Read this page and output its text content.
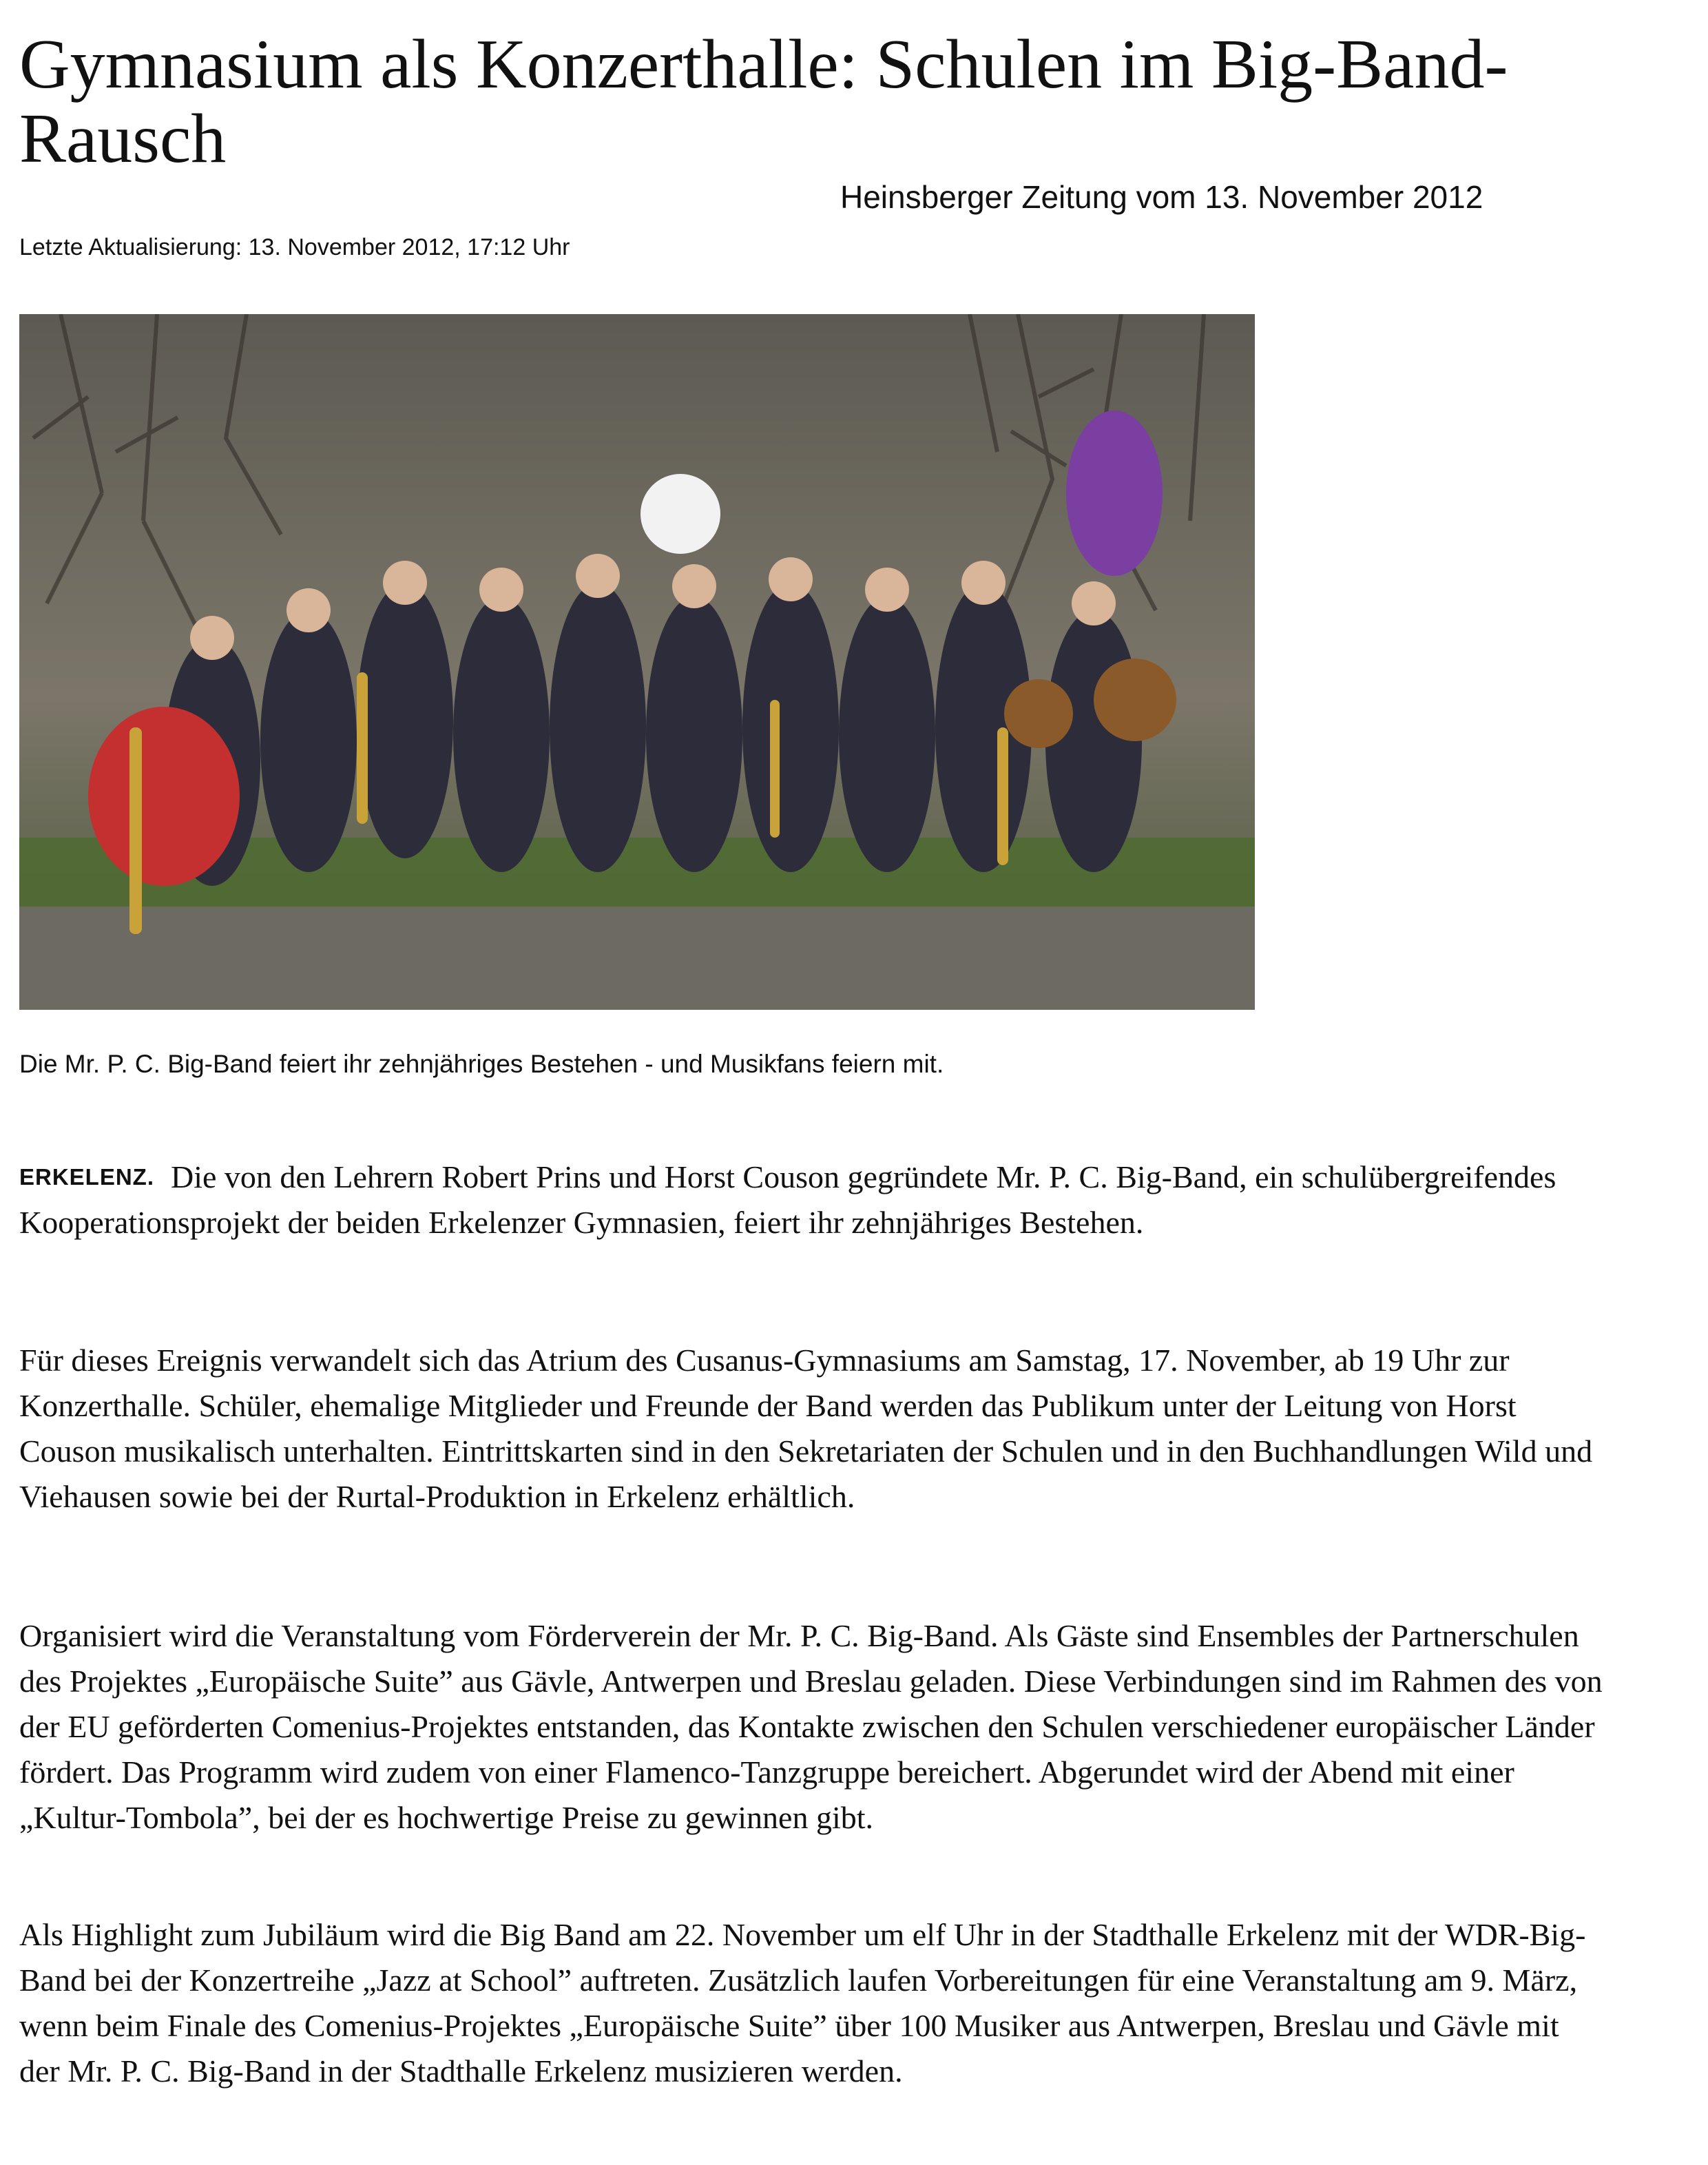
Gymnasium als Konzerthalle: Schulen im Big-Band-Rausch
Heinsberger Zeitung vom 13. November 2012
Letzte Aktualisierung: 13. November 2012, 17:12 Uhr
Die Mr. P. C. Big-Band feiert ihr zehnjähriges Bestehen - und Musikfans feiern mit.

ERKELENZ. Die von den Lehrern Robert Prins und Horst Couson gegründete Mr. P. C. Big-Band, ein schulübergreifendes Kooperationsprojekt der beiden Erkelenzer Gymnasien, feiert ihr zehnjähriges Bestehen.

Für dieses Ereignis verwandelt sich das Atrium des Cusanus-Gymnasiums am Samstag, 17. November, ab 19 Uhr zur Konzerthalle. Schüler, ehemalige Mitglieder und Freunde der Band werden das Publikum unter der Leitung von Horst Couson musikalisch unterhalten. Eintrittskarten sind in den Sekretariaten der Schulen und in den Buchhandlungen Wild und Viehausen sowie bei der Rurtal-Produktion in Erkelenz erhältlich.

Organisiert wird die Veranstaltung vom Förderverein der Mr. P. C. Big-Band. Als Gäste sind Ensembles der Partnerschulen des Projektes „Europäische Suite” aus Gävle, Antwerpen und Breslau geladen. Diese Verbindungen sind im Rahmen des von der EU geförderten Comenius-Projektes entstanden, das Kontakte zwischen den Schulen verschiedener europäischer Länder fördert. Das Programm wird zudem von einer Flamenco-Tanzgruppe bereichert. Abgerundet wird der Abend mit einer „Kultur-Tombola”, bei der es hochwertige Preise zu gewinnen gibt.

Als Highlight zum Jubiläum wird die Big Band am 22. November um elf Uhr in der Stadthalle Erkelenz mit der WDR-Big-Band bei der Konzertreihe „Jazz at School” auftreten. Zusätzlich laufen Vorbereitungen für eine Veranstaltung am 9. März, wenn beim Finale des Comenius-Projektes „Europäische Suite” über 100 Musiker aus Antwerpen, Breslau und Gävle mit der Mr. P. C. Big-Band in der Stadthalle Erkelenz musizieren werden.
